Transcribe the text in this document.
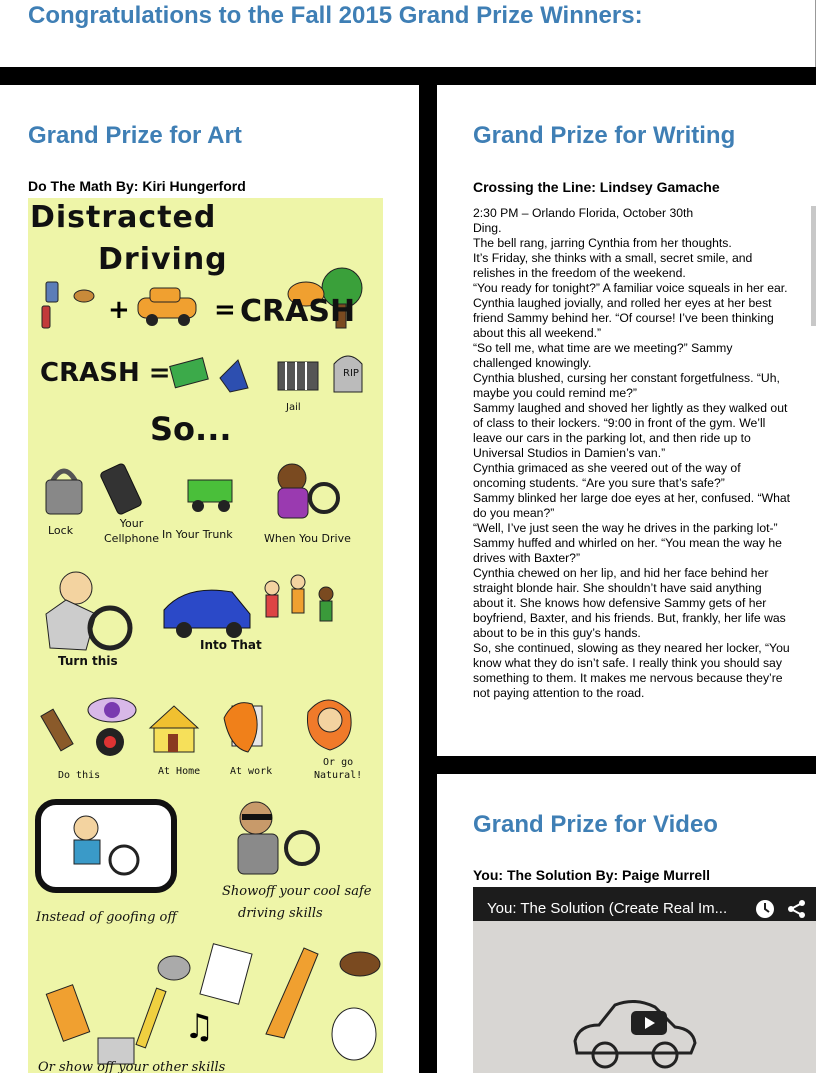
Congratulations to the Fall 2015 Grand Prize Winners:
Grand Prize for Art
Do The Math By: Kiri Hungerford
Distracted
Driving
+	= CRASH
CRASH =	RIP
Jail
So...
Lock
Your
Cellphone In Your Trunk	When You Drive
Turn this
Into That
Do this	At Home	At work
Or go
Natural!
Instead of goofing off
Showoff your cool safe
driving skills
♫
Or show off your other skills
Grand Prize for Writing
Crossing the Line: Lindsey Gamache

2:30 PM – Orlando Florida, October 30th

Ding.

The bell rang, jarring Cynthia from her thoughts.

It’s Friday, she thinks with a small, secret smile, and relishes in the freedom of the weekend.

“You ready for tonight?” A familiar voice squeals in her ear.

Cynthia laughed jovially, and rolled her eyes at her best friend Sammy behind her. “Of course! I’ve been thinking about this all weekend.”

“So tell me, what time are we meeting?” Sammy challenged knowingly.

Cynthia blushed, cursing her constant forgetfulness. “Uh, maybe you could remind me?”

Sammy laughed and shoved her lightly as they walked out of class to their lockers. “9:00 in front of the gym. We’ll leave our cars in the parking lot, and then ride up to Universal Studios in Damien’s van.”

Cynthia grimaced as she veered out of the way of oncoming students. “Are you sure that’s safe?”

Sammy blinked her large doe eyes at her, confused. “What do you mean?”

“Well, I’ve just seen the way he drives in the parking lot-”

Sammy huffed and whirled on her. “You mean the way he drives with Baxter?”

Cynthia chewed on her lip, and hid her face behind her straight blonde hair. She shouldn’t have said anything about it. She knows how defensive Sammy gets of her boyfriend, Baxter, and his friends. But, frankly, her life was about to be in this guy’s hands.

So, she continued, slowing as they neared her locker, “You know what they do isn’t safe. I really think you should say something to them. It makes me nervous because they’re not paying attention to the road.

Grand Prize for Video
You: The Solution By: Paige Murrell
You: The Solution (Create Real Im...
